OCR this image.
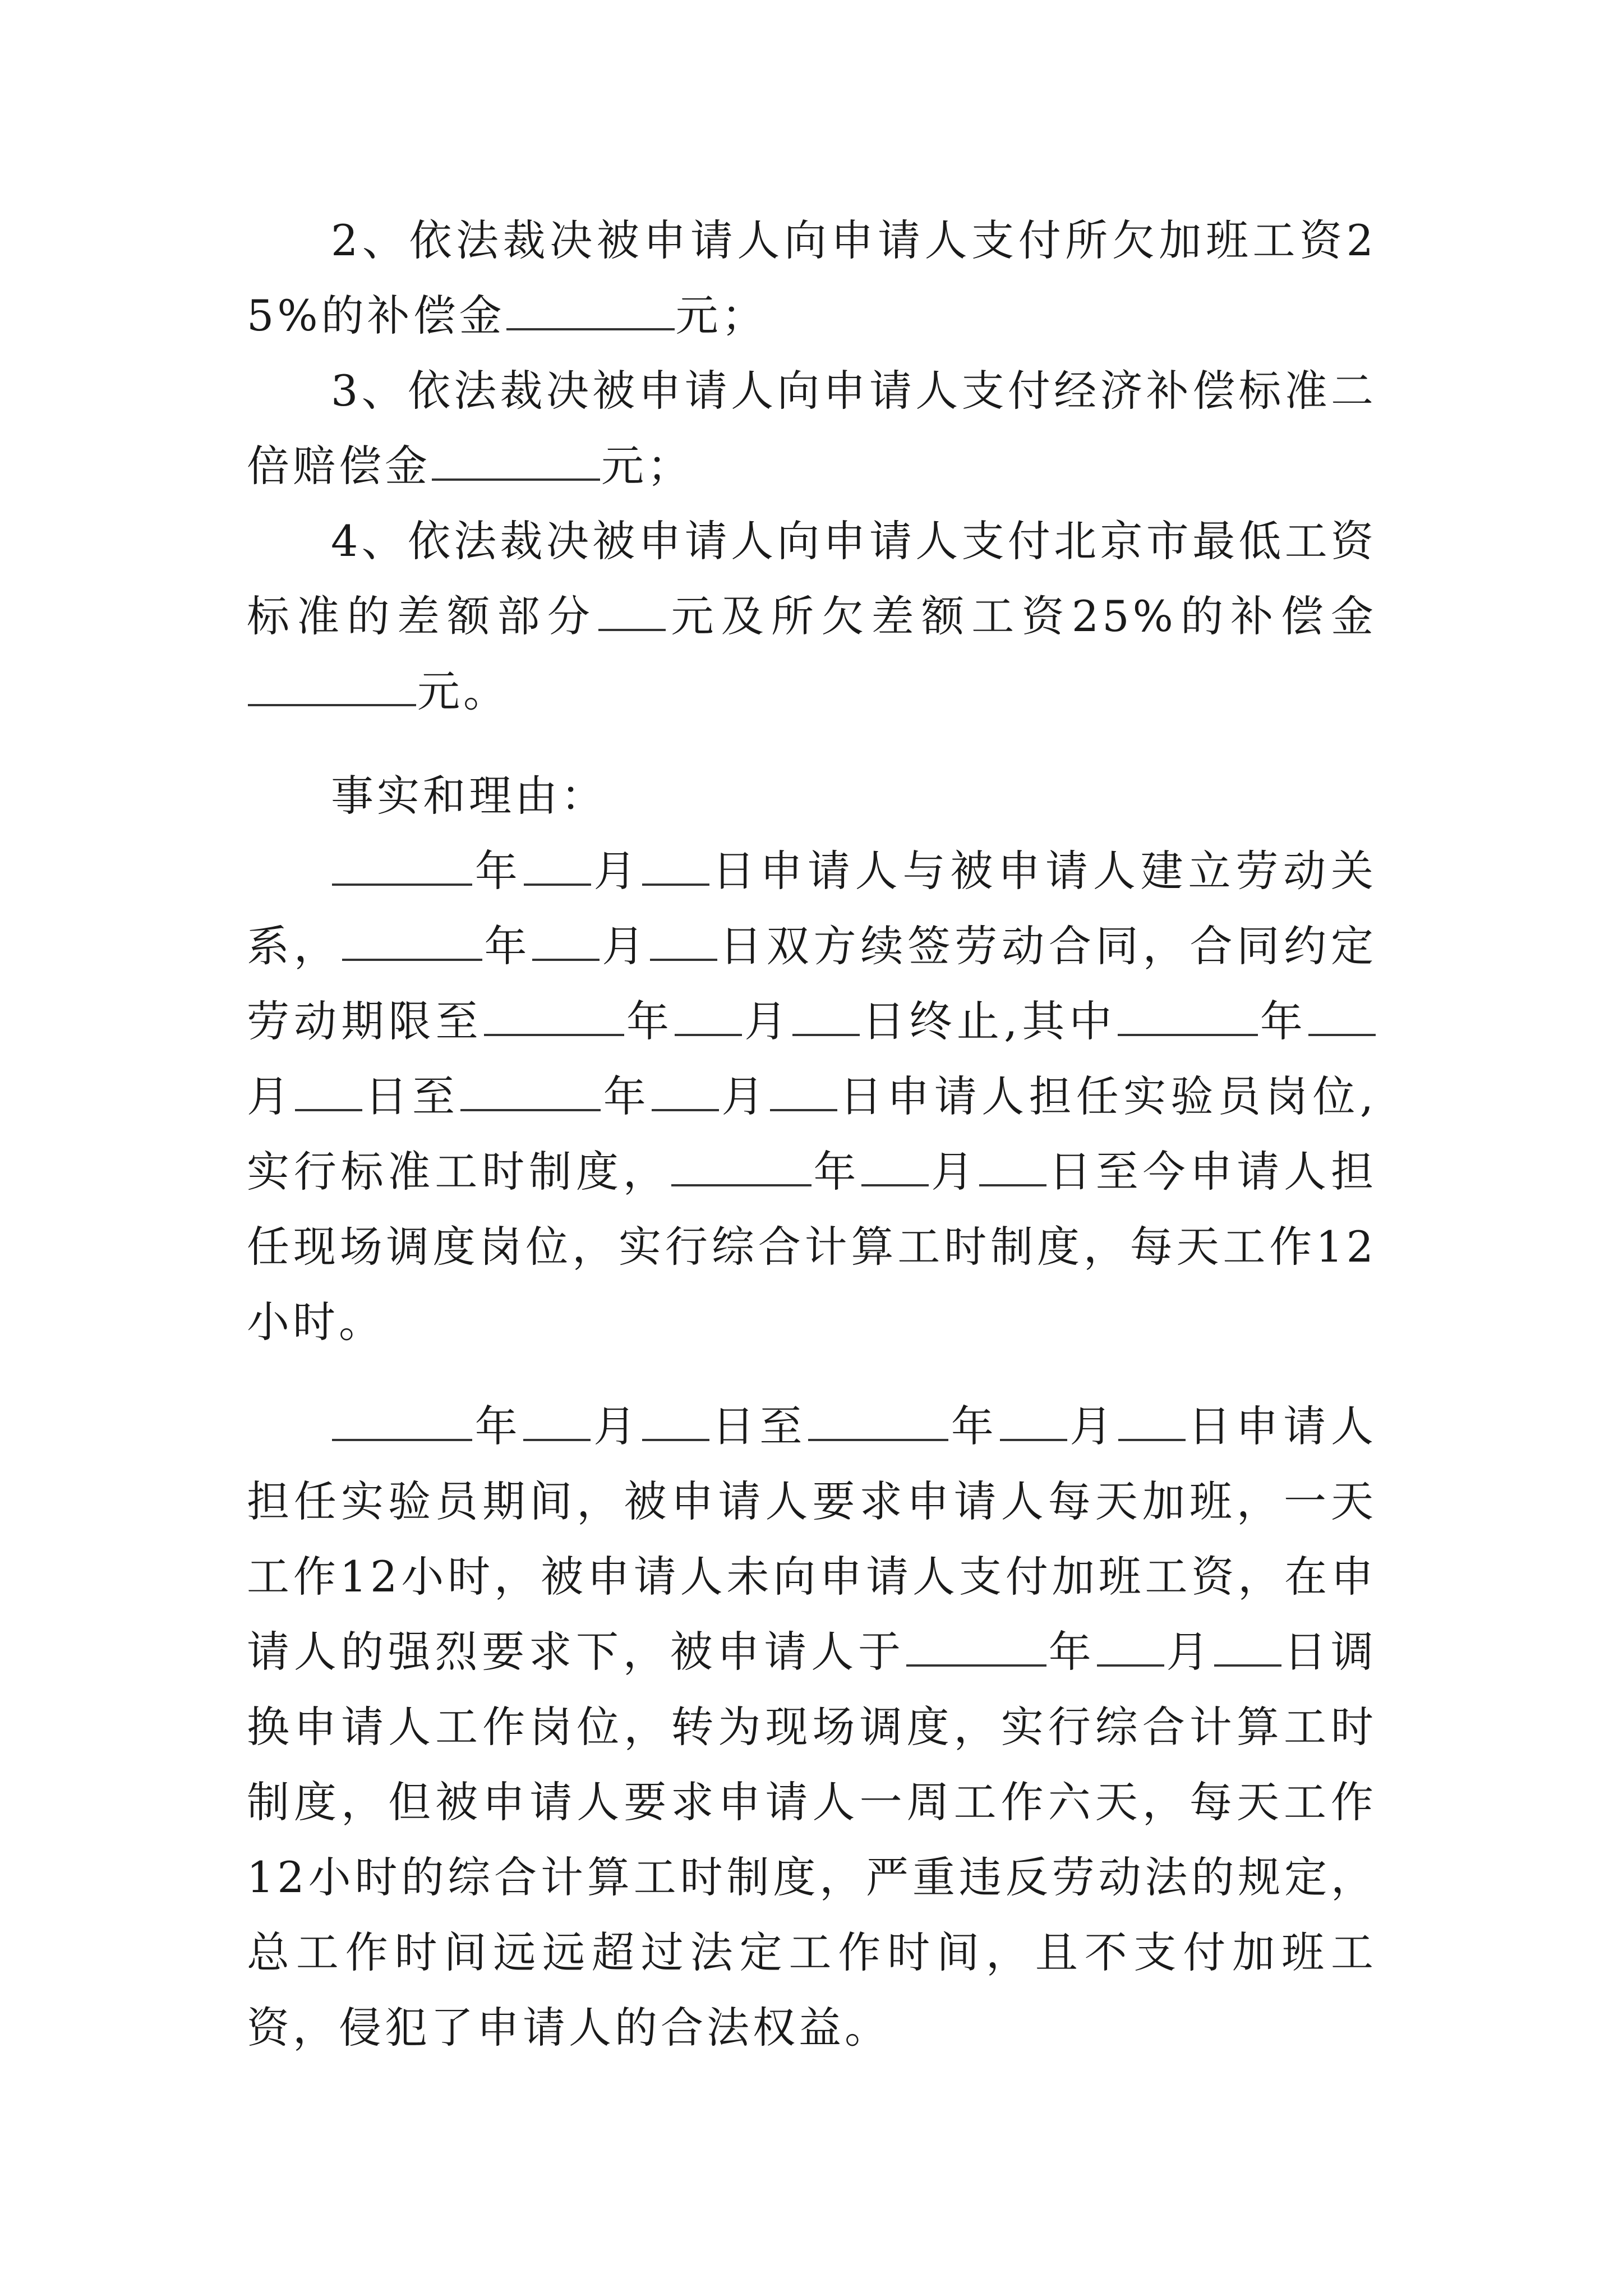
2、依法裁决被申请人向申请人支付所欠加班工资25%的补偿金	元；

3、依法裁决被申请人向申请人支付经济补偿标准二倍赔偿金	元；

4、依法裁决被申请人向申请人支付北京市最低工资标准的差额部分 元及所欠差额工资25%的补偿金元。

事实和理由：

年 月 日申请人与被申请人建立劳动关系，	年 月 日双方续签劳动合同，合同约定劳动期限至	年 月 日终止,其中	年月 日至	年 月 日申请人担任实验员岗位,实行标准工时制度，	年 月 日至今申请人担任现场调度岗位，实行综合计算工时制度，每天工作12小时。

年 月 日至	年 月 日申请人担任实验员期间，被申请人要求申请人每天加班，一天工作12小时，被申请人未向申请人支付加班工资，在申请人的强烈要求下，被申请人于	年 月 日调换申请人工作岗位，转为现场调度，实行综合计算工时制度，但被申请人要求申请人一周工作六天，每天工作12小时的综合计算工时制度，严重违反劳动法的规定，总工作时间远远超过法定工作时间，且不支付加班工资，侵犯了申请人的合法权益。
